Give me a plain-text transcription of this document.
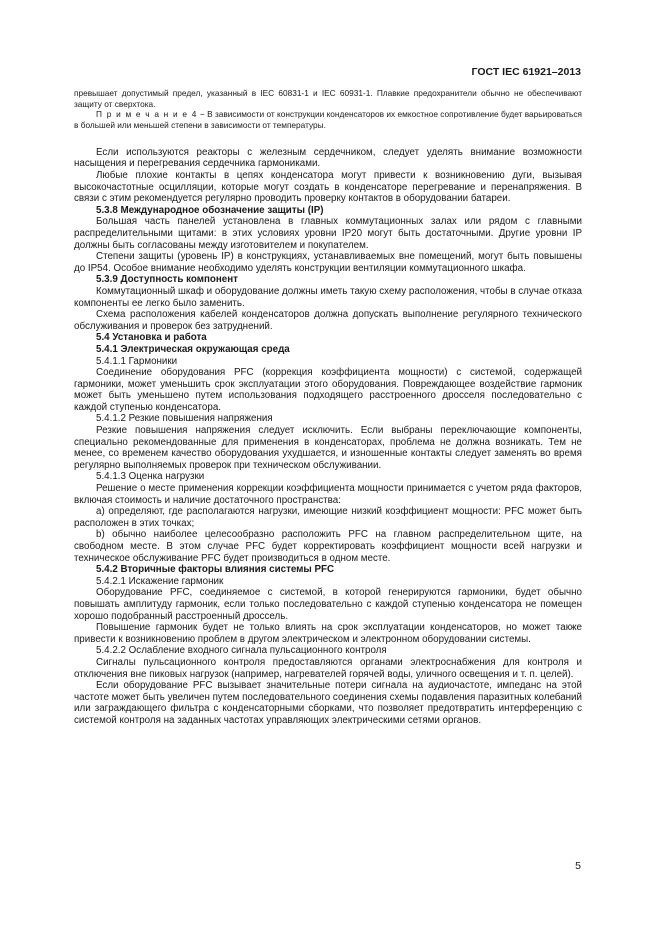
ГОСТ IEC 61921–2013

превышает допустимый предел, указанный в IEC 60831-1 и IEC 60931-1. Плавкие предохранители обычно не обеспечивают защиту от сверхтока.

П р и м е ч а н и е 4 − В зависимости от конструкции конденсаторов их емкостное сопротивление будет варьироваться в большей или меньшей степени в зависимости от температуры.

Если используются реакторы с железным сердечником, следует уделять внимание возможности насыщения и перегревания сердечника гармониками.

Любые плохие контакты в цепях конденсатора могут привести к возникновению дуги, вызывая высокочастотные осцилляции, которые могут создать в конденсаторе перегревание и перенапряжения. В связи с этим рекомендуется регулярно проводить проверку контактов в оборудовании батареи.

5.3.8 Международное обозначение защиты (IP)

Большая часть панелей установлена в главных коммутационных залах или рядом с главными распределительными щитами: в этих условиях уровни IP20 могут быть достаточными. Другие уровни IP должны быть согласованы между изготовителем и покупателем.

Степени защиты (уровень IP) в конструкциях, устанавливаемых вне помещений, могут быть повышены до IP54. Особое внимание необходимо уделять конструкции вентиляции коммутационного шкафа.

5.3.9 Доступность компонент

Коммутационный шкаф и оборудование должны иметь такую схему расположения, чтобы в случае отказа компоненты ее легко было заменить.

Схема расположения кабелей конденсаторов должна допускать выполнение регулярного технического обслуживания и проверок без затруднений.

5.4 Установка и работа

5.4.1 Электрическая окружающая среда

5.4.1.1 Гармоники

Соединение оборудования PFC (коррекция коэффициента мощности) с системой, содержащей гармоники, может уменьшить срок эксплуатации этого оборудования. Повреждающее воздействие гармоник может быть уменьшено путем использования подходящего расстроенного дросселя последовательно с каждой ступенью конденсатора.

5.4.1.2 Резкие повышения напряжения

Резкие повышения напряжения следует исключить. Если выбраны переключающие компоненты, специально рекомендованные для применения в конденсаторах, проблема не должна возникать. Тем не менее, со временем качество оборудования ухудшается, и изношенные контакты следует заменять во время регулярно выполняемых проверок при техническом обслуживании.

5.4.1.3 Оценка нагрузки

Решение о месте применения коррекции коэффициента мощности принимается с учетом ряда факторов, включая стоимость и наличие достаточного пространства:

а) определяют, где располагаются нагрузки, имеющие низкий коэффициент мощности: PFC может быть расположен в этих точках;

b) обычно наиболее целесообразно расположить PFC на главном распределительном щите, на свободном месте. В этом случае PFC будет корректировать коэффициент мощности всей нагрузки и техническое обслуживание PFC будет производиться в одном месте.

5.4.2 Вторичные факторы влияния системы PFC

5.4.2.1 Искажение гармоник

Оборудование PFC, соединяемое с системой, в которой генерируются гармоники, будет обычно повышать амплитуду гармоник, если только последовательно с каждой ступенью конденсатора не помещен хорошо подобранный расстроенный дроссель.

Повышение гармоник будет не только влиять на срок эксплуатации конденсаторов, но может также привести к возникновению проблем в другом электрическом и электронном оборудовании системы.

5.4.2.2 Ослабление входного сигнала пульсационного контроля

Сигналы пульсационного контроля предоставляются органами электроснабжения для контроля и отключения вне пиковых нагрузок (например, нагревателей горячей воды, уличного освещения и т. п. целей).

Если оборудование PFC вызывает значительные потери сигнала на аудиочастоте, импеданс на этой частоте может быть увеличен путем последовательного соединения схемы подавления паразитных колебаний или заграждающего фильтра с конденсаторными сборками, что позволяет предотвратить интерференцию с системой контроля на заданных частотах управляющих электрическими сетями органов.

5
